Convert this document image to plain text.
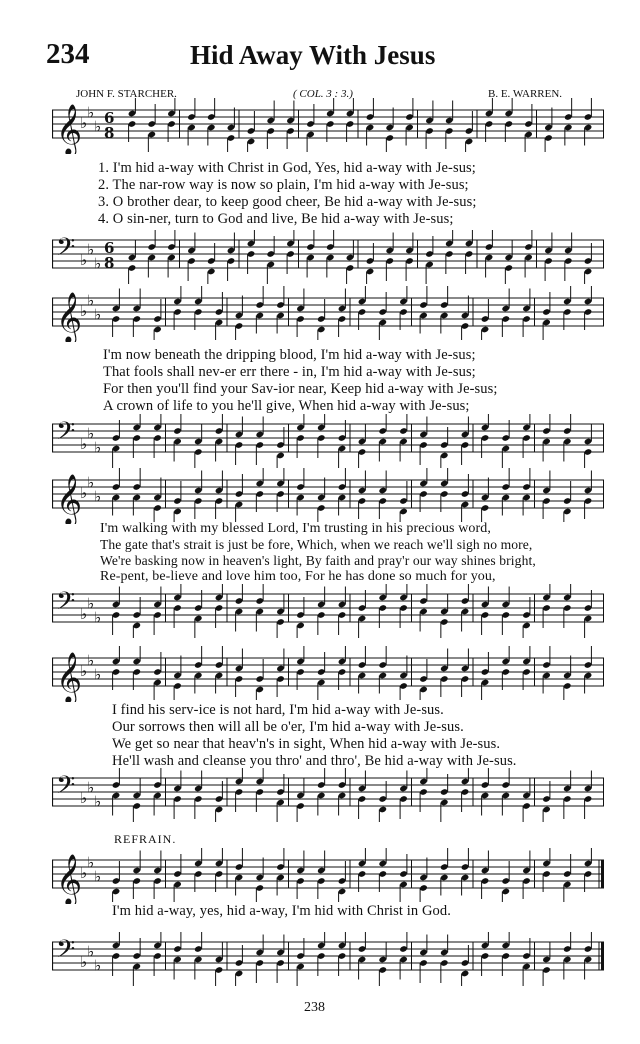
234	Hid Away With Jesus
JOHN F. STARCHER.	( COL. 3 : 3.)	B. E. WARREN.
𝄞
♭
♭
♭ 6
8
1. I'm hid a-way with Christ in God, Yes, hid a-way with Je-sus;
2. The nar-row way is now so plain, I'm hid a-way with Je-sus;
3. O brother dear, to keep good cheer, Be hid a-way with Je-sus;
4. O sin-ner, turn to God and live, Be hid a-way with Je-sus;
𝄢 ♭
♭
♭
6
8
𝄞
♭
♭
♭
I'm now beneath the dripping blood, I'm hid a-way with Je-sus;
That fools shall nev-er err there - in, I'm hid a-way with Je-sus;
For then you'll find your Sav-ior near, Keep hid a-way with Je-sus;
A crown of life to you he'll give, When hid a-way with Je-sus;
𝄢 ♭
♭
♭
𝄞
♭
♭
♭
I'm walking with my blessed Lord, I'm trusting in his precious word,
The gate that's strait is just be fore, Which, when we reach we'll sigh no more,
We're basking now in heaven's light, By faith and pray'r our way shines bright,
Re-pent, be-lieve and love him too, For he has done so much for you,
𝄢 ♭
♭
♭
𝄞
♭
♭
♭
I find his serv-ice is not hard, I'm hid a-way with Je-sus.
Our sorrows then will all be o'er, I'm hid a-way with Je-sus.
We get so near that heav'n's in sight, When hid a-way with Je-sus.
He'll wash and cleanse you thro' and thro', Be hid a-way with Je-sus.
𝄢 ♭
♭
♭
REFRAIN.
𝄞
♭
♭
♭
I'm hid a-way, yes, hid a-way, I'm hid with Christ in God.
𝄢 ♭
♭
♭
238
